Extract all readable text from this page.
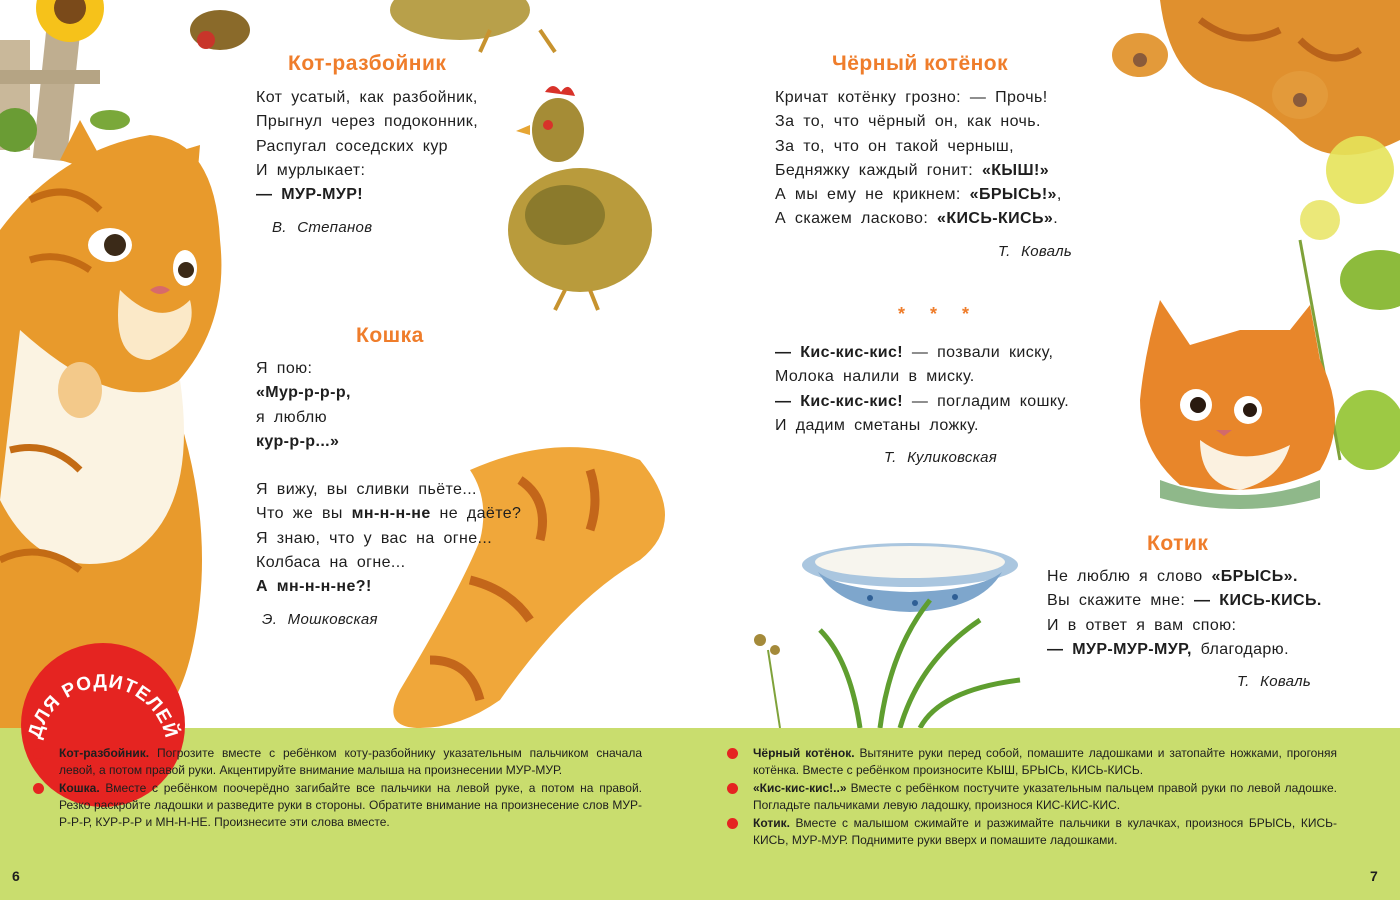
Кот-разбойник
Кот усатый, как разбойник,
Прыгнул через подоконник,
Распугал соседских кур
И мурлыкает:
— МУР-МУР!
В. Степанов
Кошка
Я пою:
«Мур-р-р-р,
я люблю
кур-р-р...»
Я вижу, вы сливки пьёте...
Что же вы мн-н-н-не не даёте?
Я знаю, что у вас на огне...
Колбаса на огне...
А мн-н-н-не?!
Э. Мошковская
Чёрный котёнок
Кричат котёнку грозно: — Прочь!
За то, что чёрный он, как ночь.
За то, что он такой черныш,
Бедняжку каждый гонит: «КЫШ!»
А мы ему не крикнем: «БРЫСЬ!»,
А скажем ласково: «КИСЬ-КИСЬ».
Т. Коваль
* * *
— Кис-кис-кис! — позвали киску,
Молока налили в миску.
— Кис-кис-кис! — погладим кошку.
И дадим сметаны ложку.
Т. Куликовская
Котик
Не люблю я слово «БРЫСЬ».
Вы скажите мне: — КИСЬ-КИСЬ.
И в ответ я вам спою:
— МУР-МУР-МУР, благодарю.
Т. Коваль
ДЛЯ РОДИТЕЛЕЙ
Кот-разбойник. Погрозите вместе с ребёнком коту-разбойнику указательным пальчиком сначала левой, а потом правой руки. Акцентируйте внимание малыша на произнесении МУР-МУР.
Кошка. Вместе с ребёнком поочерёдно загибайте все пальчики на левой руке, а потом на правой. Резко раскройте ладошки и разведите руки в стороны. Обратите внимание на произнесение слов МУР-Р-Р-Р, КУР-Р-Р и МН-Н-НЕ. Произнесите эти слова вместе.
Чёрный котёнок. Вытяните руки перед собой, помашите ладошками и затопайте ножками, прогоняя котёнка. Вместе с ребёнком произносите КЫШ, БРЫСЬ, КИСЬ-КИСЬ.
«Кис-кис-кис!..» Вместе с ребёнком постучите указательным пальцем правой руки по левой ладошке. Погладьте пальчиками левую ладошку, произнося КИС-КИС-КИС.
Котик. Вместе с малышом сжимайте и разжимайте пальчики в кулачках, произнося БРЫСЬ, КИСЬ-КИСЬ, МУР-МУР. Поднимите руки вверх и помашите ладошками.
6	7
